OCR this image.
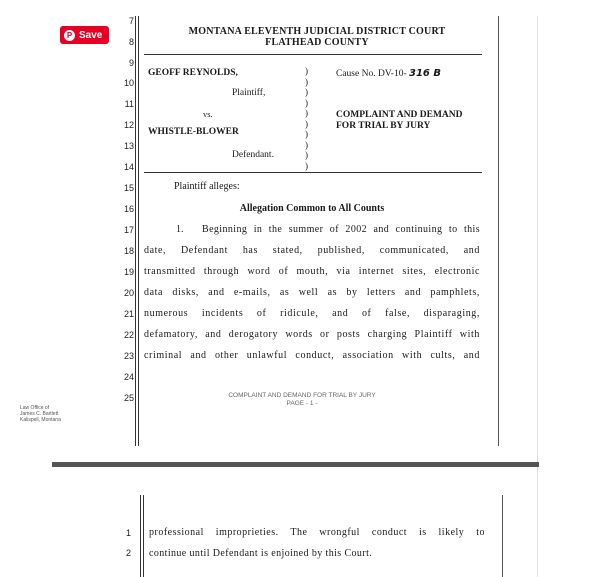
7
8
9
10
11
12
13
14
15
16
17
18
19
20
21
22
23
24
25
MONTANA ELEVENTH JUDICIAL DISTRICT COURT
FLATHEAD COUNTY
GEOFF REYNOLDS,
Plaintiff,
vs.
WHISTLE-BLOWER
Defendant.
)
)
)
)
)
)
)
)
)
)
Cause No. DV-10- 316 B
COMPLAINT AND DEMAND
FOR TRIAL BY JURY
Plaintiff alleges:
Allegation Common to All Counts
1. Beginning in the summer of 2002 and continuing to this
date, Defendant has stated, published, communicated, and
transmitted through word of mouth, via internet sites, electronic
data disks, and e-mails, as well as by letters and pamphlets,
numerous incidents of ridicule, and of false, disparaging,
defamatory, and derogatory words or posts charging Plaintiff with
criminal and other unlawful conduct, association with cults, and
COMPLAINT AND DEMAND FOR TRIAL BY JURY
PAGE - 1 -
Law Office of
James C. Bartlett
Kalispell, Montana
P Save
1
2
professional improprieties. The wrongful conduct is likely to
continue until Defendant is enjoined by this Court.
